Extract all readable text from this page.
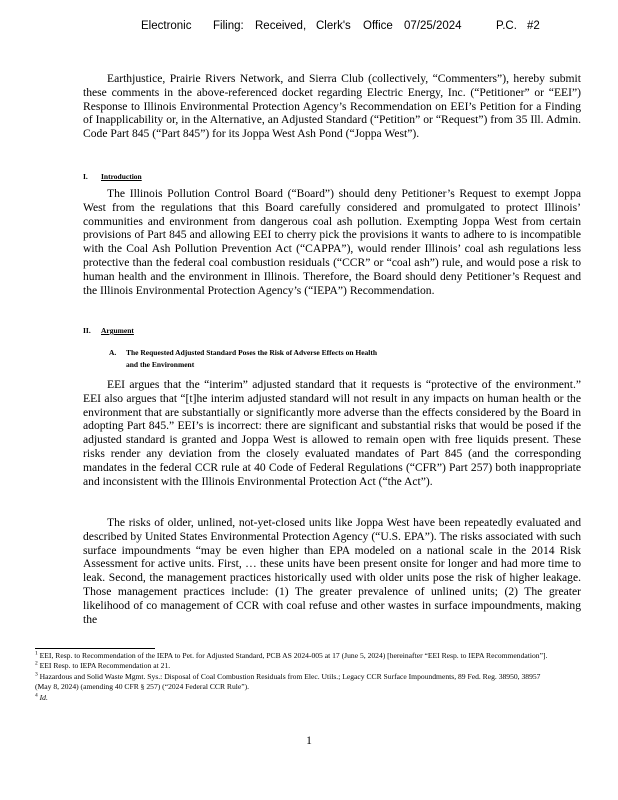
Electronic Filing: Received, Clerk's Office 07/25/2024	P.C. #2

Earthjustice, Prairie Rivers Network, and Sierra Club (collectively, “Commenters”), hereby submit these comments in the above-referenced docket regarding Electric Energy, Inc. (“Petitioner” or “EEI”) Response to Illinois Environmental Protection Agency’s Recommendation on EEI’s Petition for a Finding of Inapplicability or, in the Alternative, an Adjusted Standard (“Petition” or “Request”) from 35 Ill. Admin. Code Part 845 (“Part 845”) for its Joppa West Ash Pond (“Joppa West”).

I. Introduction

The Illinois Pollution Control Board (“Board”) should deny Petitioner’s Request to exempt Joppa West from the regulations that this Board carefully considered and promulgated to protect Illinois’ communities and environment from dangerous coal ash pollution. Exempting Joppa West from certain provisions of Part 845 and allowing EEI to cherry pick the provisions it wants to adhere to is incompatible with the Coal Ash Pollution Prevention Act (“CAPPA”), would render Illinois’ coal ash regulations less protective than the federal coal combustion residuals (“CCR” or “coal ash”) rule, and would pose a risk to human health and the environment in Illinois. Therefore, the Board should deny Petitioner’s Request and the Illinois Environmental Protection Agency’s (“IEPA”) Recommendation.

II. Argument
A. The Requested Adjusted Standard Poses the Risk of Adverse Effects on Health
and the Environment

EEI argues that the “interim” adjusted standard that it requests is “protective of the environment.” EEI also argues that “[t]he interim adjusted standard will not result in any impacts on human health or the environment that are substantially or significantly more adverse than the effects considered by the Board in adopting Part 845.” EEI’s is incorrect: there are significant and substantial risks that would be posed if the adjusted standard is granted and Joppa West is allowed to remain open with free liquids present. These risks render any deviation from the closely evaluated mandates of Part 845 (and the corresponding mandates in the federal CCR rule at 40 Code of Federal Regulations (“CFR”) Part 257) both inappropriate and inconsistent with the Illinois Environmental Protection Act (“the Act”).

The risks of older, unlined, not-yet-closed units like Joppa West have been repeatedly evaluated and described by United States Environmental Protection Agency (“U.S. EPA”). The risks associated with such surface impoundments “may be even higher than EPA modeled on a national scale in the 2014 Risk Assessment for active units. First, … these units have been present onsite for longer and had more time to leak. Second, the management practices historically used with older units pose the risk of higher leakage. Those management practices include: (1) The greater prevalence of unlined units; (2) The greater likelihood of co management of CCR with coal refuse and other wastes in surface impoundments, making the

$^1$ EEI, Resp. to Recommendation of the IEPA to Pet. for Adjusted Standard, PCB AS 2024-005 at 17 (June 5, 2024) [hereinafter “EEI Resp. to IEPA Recommendation”].
$^2$ EEI Resp. to IEPA Recommendation at 21.
$^3$ Hazardous and Solid Waste Mgmt. Sys.: Disposal of Coal Combustion Residuals from Elec. Utils.; Legacy CCR Surface Impoundments, 89 Fed. Reg. 38950, 38957 (May 8, 2024) (amending 40 CFR § 257) (“2024 Federal CCR Rule”).
$^4$ Id.
1
